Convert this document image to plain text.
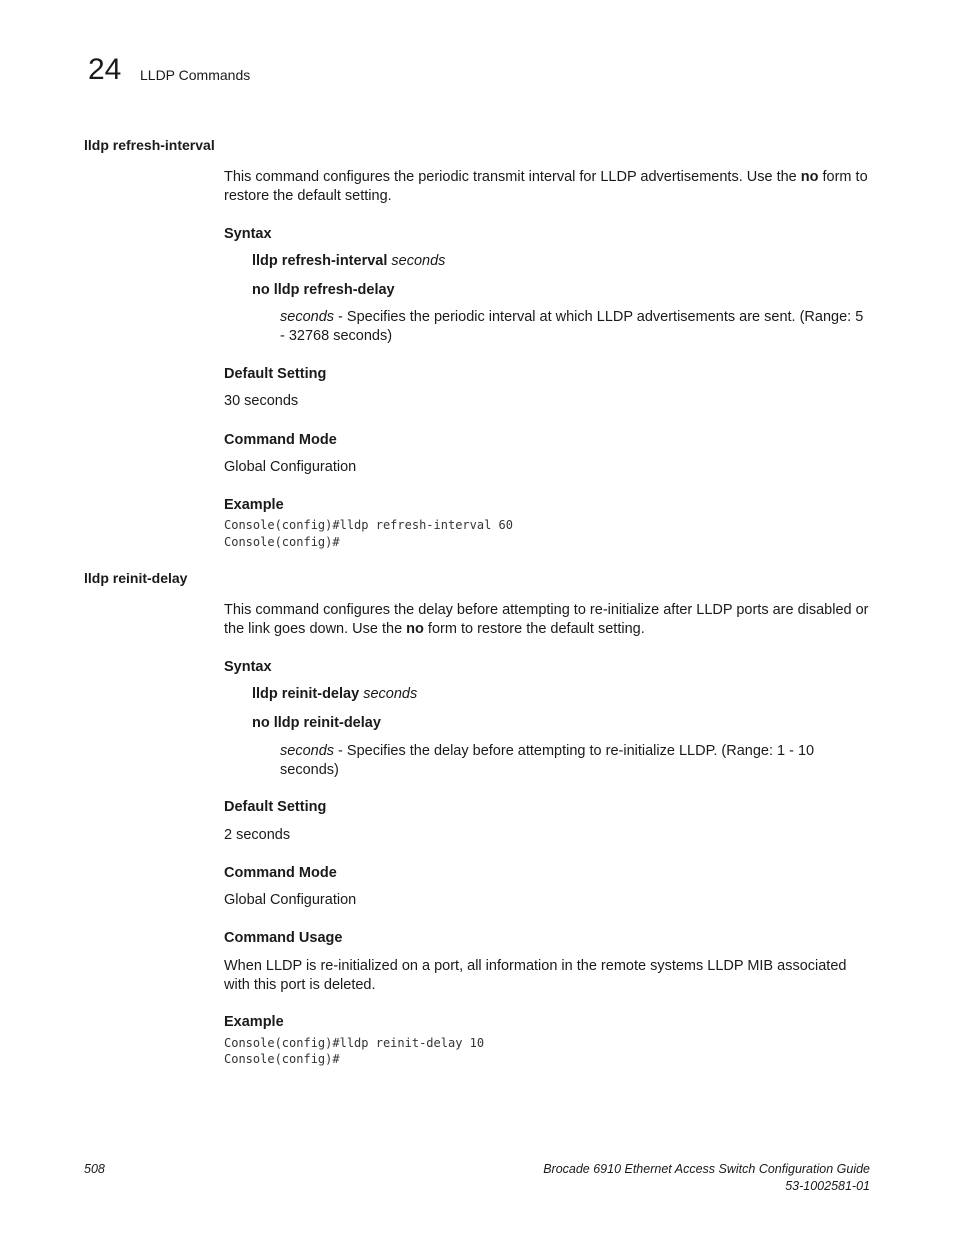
24 LLDP Commands
lldp refresh-interval
This command configures the periodic transmit interval for LLDP advertisements. Use the no form to restore the default setting.
Syntax
lldp refresh-interval seconds
no lldp refresh-delay
seconds - Specifies the periodic interval at which LLDP advertisements are sent. (Range: 5 - 32768 seconds)
Default Setting
30 seconds
Command Mode
Global Configuration
Example
Console(config)#lldp refresh-interval 60
Console(config)#
lldp reinit-delay
This command configures the delay before attempting to re-initialize after LLDP ports are disabled or the link goes down. Use the no form to restore the default setting.
Syntax
lldp reinit-delay seconds
no lldp reinit-delay
seconds - Specifies the delay before attempting to re-initialize LLDP. (Range: 1 - 10 seconds)
Default Setting
2 seconds
Command Mode
Global Configuration
Command Usage
When LLDP is re-initialized on a port, all information in the remote systems LLDP MIB associated with this port is deleted.
Example
Console(config)#lldp reinit-delay 10
Console(config)#
508	Brocade 6910 Ethernet Access Switch Configuration Guide
53-1002581-01
